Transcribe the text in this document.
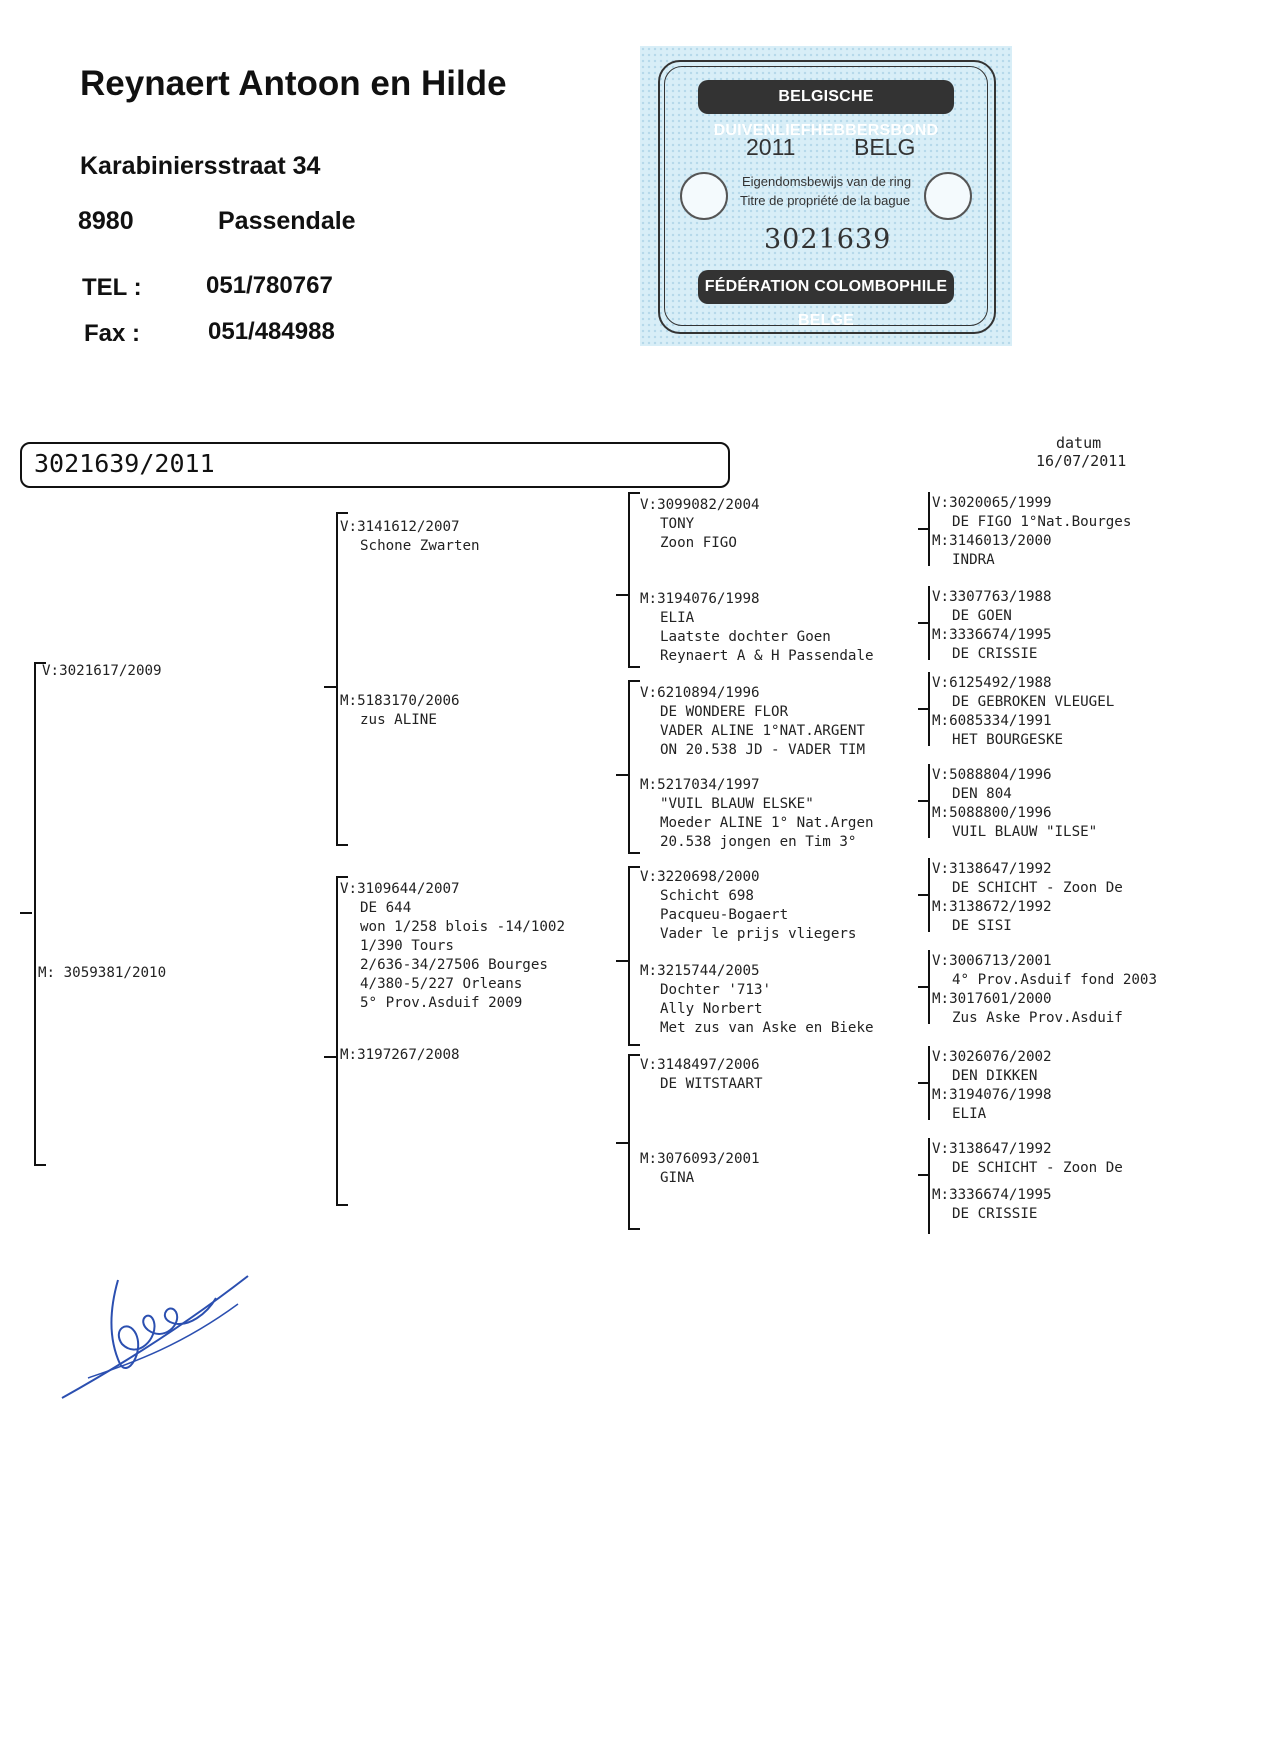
Reynaert Antoon en Hilde
Karabiniersstraat 34
8980	Passendale
TEL :	051/780767
Fax :	051/484988
BELGISCHE DUIVENLIEFHEBBERSBOND
2011	BELG
Eigendomsbewijs van de ring
Titre de propriété de la bague
3021639
FÉDÉRATION COLOMBOPHILE BELGE
3021639/2011
datum
16/07/2011
V:3021617/2009
M: 3059381/2010
V:3141612/2007
Schone Zwarten
M:5183170/2006
zus ALINE
V:3109644/2007
DE 644
won 1/258 blois -14/1002
1/390 Tours
2/636-34/27506 Bourges
4/380-5/227 Orleans
5° Prov.Asduif 2009
M:3197267/2008
V:3099082/2004
TONY
Zoon FIGO
M:3194076/1998
ELIA
Laatste dochter Goen
Reynaert A & H Passendale
V:6210894/1996
DE WONDERE FLOR
VADER ALINE 1°NAT.ARGENT
ON 20.538 JD - VADER TIM
M:5217034/1997
"VUIL BLAUW ELSKE"
Moeder ALINE 1° Nat.Argen
20.538 jongen en Tim 3°
V:3220698/2000
Schicht 698
Pacqueu-Bogaert
Vader le prijs vliegers
M:3215744/2005
Dochter '713'
Ally Norbert
Met zus van Aske en Bieke
V:3148497/2006
DE WITSTAART
M:3076093/2001
GINA
V:3020065/1999
DE FIGO 1°Nat.Bourges
M:3146013/2000
INDRA
V:3307763/1988
DE GOEN
M:3336674/1995
DE CRISSIE
V:6125492/1988
DE GEBROKEN VLEUGEL
M:6085334/1991
HET BOURGESKE
V:5088804/1996
DEN 804
M:5088800/1996
VUIL BLAUW "ILSE"
V:3138647/1992
DE SCHICHT - Zoon De
M:3138672/1992
DE SISI
V:3006713/2001
4° Prov.Asduif fond 2003
M:3017601/2000
Zus Aske Prov.Asduif
V:3026076/2002
DEN DIKKEN
M:3194076/1998
ELIA
V:3138647/1992
DE SCHICHT - Zoon De
M:3336674/1995
DE CRISSIE
